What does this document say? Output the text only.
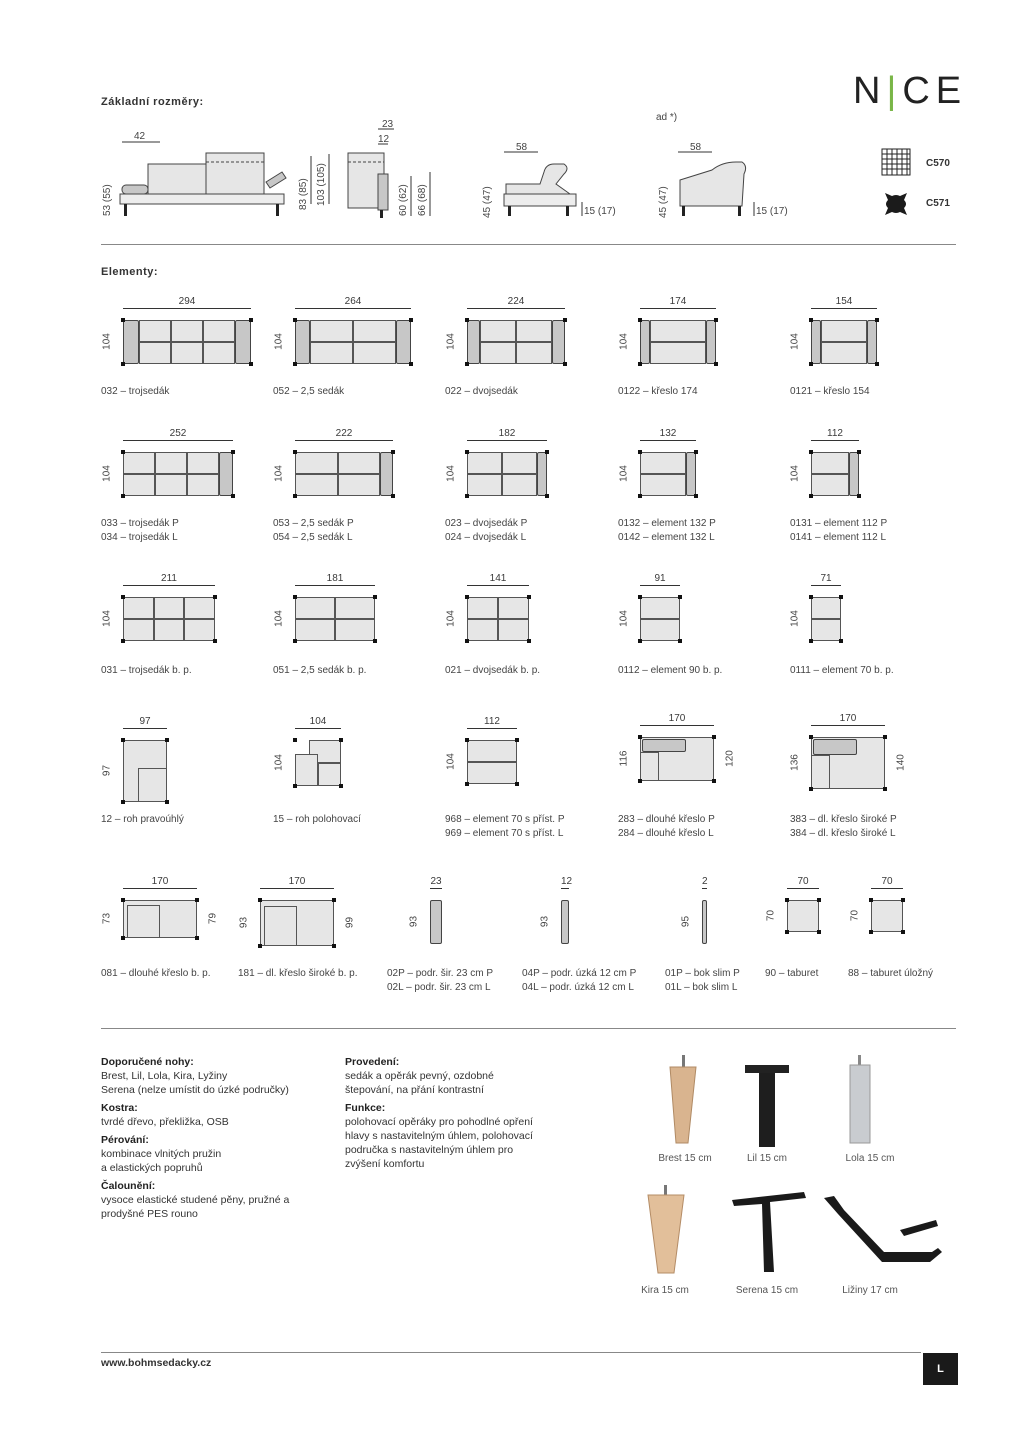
N|CE
Základní rozměry:
42
53 (55)	83 (85) 103 (105)
23
12
60 (62) 66 (68)
ad *)
58
45 (47)	15 (17)
58
45 (47)	15 (17)
C570
C571
Elementy:
294
104
032 – trojsedák
264
104
052 – 2,5 sedák
224
104
022 – dvojsedák
174
104
0122 – křeslo 174
154
104
0121 – křeslo 154
252
104
033 – trojsedák P
034 – trojsedák L
222
104
053 – 2,5 sedák P
054 – 2,5 sedák L
182
104
023 – dvojsedák P
024 – dvojsedák L
132
104
0132 – element 132 P
0142 – element 132 L
112
104
0131 – element 112 P
0141 – element 112 L
211
104
031 – trojsedák b. p.
181
104
051 – 2,5 sedák b. p.
141
104
021 – dvojsedák b. p.
91
104
0112 – element 90 b. p.
71
104
0111 – element 70 b. p.
97
97
12 – roh pravoúhlý
104
104
15 – roh polohovací
112
104
968 – element 70 s příst. P
969 – element 70 s příst. L
170
116	120
283 – dlouhé křeslo P
284 – dlouhé křeslo L
170
136	140
383 – dl. křeslo široké P
384 – dl. křeslo široké L
170
73	79
081 – dlouhé křeslo b. p.
170
93	99
181 – dl. křeslo široké b. p.
23
93
02P – podr. šir. 23 cm P
02L – podr. šir. 23 cm L
12
93
04P – podr. úzká 12 cm P
04L – podr. úzká 12 cm L
2
95
01P – bok slim P
01L – bok slim L
70
70
90 – taburet
70
70
88 – taburet úložný
Doporučené nohy:
Brest, Lil, Lola, Kira, Lyžiny
Serena (nelze umístit do úzké područky)
Kostra:
tvrdé dřevo, překližka, OSB
Pérování:
kombinace vlnitých pružin
a elastických popruhů
Čalounění:
vysoce elastické studené pěny, pružné a
prodyšné PES rouno
Provedení:
sedák a opěrák pevný, ozdobné
štepování, na přání kontrastní
Funkce:
polohovací opěráky pro pohodlné opření
hlavy s nastavitelným úhlem, polohovací
područka s nastavitelným úhlem pro
zvýšení komfortu	Brest 15 cm	Lil 15 cm	Lola 15 cm
Kira 15 cm	Serena 15 cm	Ližiny 17 cm
www.bohmsedacky.cz	L
